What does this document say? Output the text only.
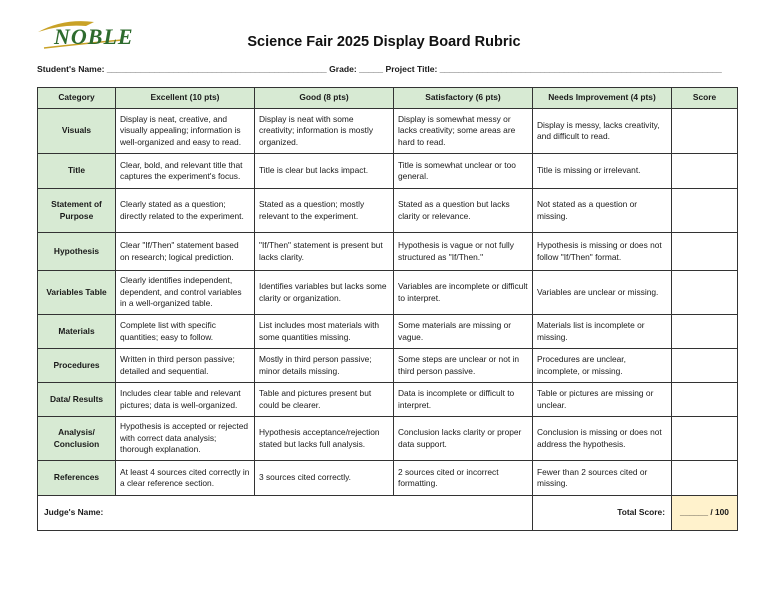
NOBLE	Science Fair 2025 Display Board Rubric
Student's Name: ______________________________________________ Grade: _____ Project Title: ___________________________________________________________
Category	Excellent (10 pts)	Good (8 pts)	Satisfactory (6 pts)	Needs Improvement (4 pts)	Score
Visuals	Display is neat, creative, and visually appealing; information is well-organized and easy to read.	Display is neat with some creativity; information is mostly organized.	Display is somewhat messy or lacks creativity; some areas are hard to read.	Display is messy, lacks creativity, and difficult to read.	
Title	Clear, bold, and relevant title that captures the experiment's focus.	Title is clear but lacks impact.	Title is somewhat unclear or too general.	Title is missing or irrelevant.	
Statement of Purpose	Clearly stated as a question; directly related to the experiment.	Stated as a question; mostly relevant to the experiment.	Stated as a question but lacks clarity or relevance.	Not stated as a question or missing.	
Hypothesis	Clear "If/Then" statement based on research; logical prediction.	"If/Then" statement is present but lacks clarity.	Hypothesis is vague or not fully structured as "If/Then."	Hypothesis is missing or does not follow "If/Then" format.	
Variables Table	Clearly identifies independent, dependent, and control variables in a well-organized table.	Identifies variables but lacks some clarity or organization.	Variables are incomplete or difficult to interpret.	Variables are unclear or missing.	
Materials	Complete list with specific quantities; easy to follow.	List includes most materials with some quantities missing.	Some materials are missing or vague.	Materials list is incomplete or missing.	
Procedures	Written in third person passive; detailed and sequential.	Mostly in third person passive; minor details missing.	Some steps are unclear or not in third person passive.	Procedures are unclear, incomplete, or missing.	
Data/ Results	Includes clear table and relevant pictures; data is well-organized.	Table and pictures present but could be clearer.	Data is incomplete or difficult to interpret.	Table or pictures are missing or unclear.	
Analysis/ Conclusion	Hypothesis is accepted or rejected with correct data analysis; thorough explanation.	Hypothesis acceptance/rejection stated but lacks full analysis.	Conclusion lacks clarity or proper data support.	Conclusion is missing or does not address the hypothesis.	
References	At least 4 sources cited correctly in a clear reference section.	3 sources cited correctly.	2 sources cited or incorrect formatting.	Fewer than 2 sources cited or missing.	
Judge's Name:				Total Score:	______ / 100
